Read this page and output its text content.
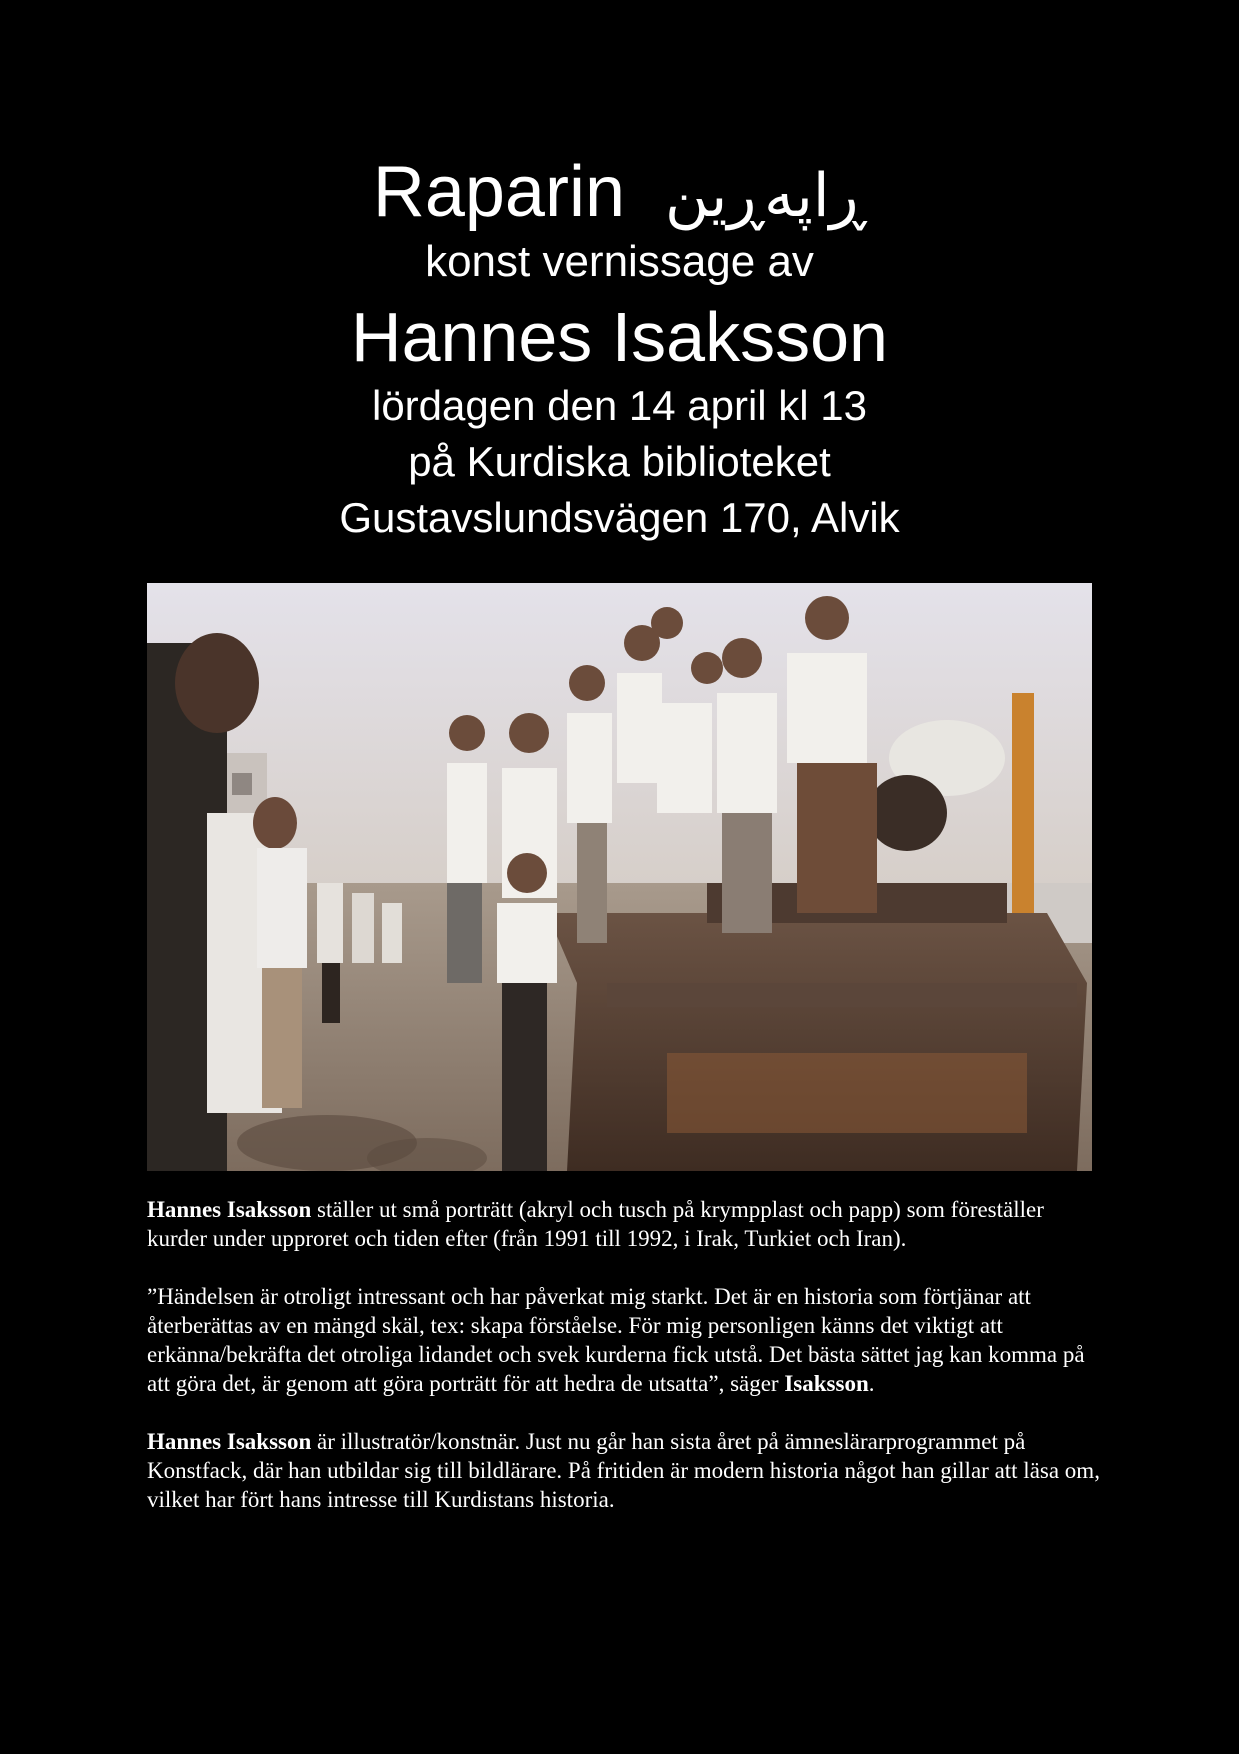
Raparin ڕاپەڕین
konst vernissage av
Hannes Isaksson
lördagen den 14 april kl 13
på Kurdiska biblioteket
Gustavslundsvägen 170, Alvik

Hannes Isaksson ställer ut små porträtt (akryl och tusch på krympplast och papp) som föreställer kurder under upproret och tiden efter (från 1991 till 1992, i Irak, Turkiet och Iran).

”Händelsen är otroligt intressant och har påverkat mig starkt. Det är en historia som förtjänar att återberättas av en mängd skäl, tex: skapa förståelse. För mig personligen känns det viktigt att erkänna/bekräfta det otroliga lidandet och svek kurderna fick utstå. Det bästa sättet jag kan komma på att göra det, är genom att göra porträtt för att hedra de utsatta”, säger Isaksson.

Hannes Isaksson är illustratör/konstnär. Just nu går han sista året på ämneslärarprogrammet på Konstfack, där han utbildar sig till bildlärare. På fritiden är modern historia något han gillar att läsa om, vilket har fört hans intresse till Kurdistans historia.
